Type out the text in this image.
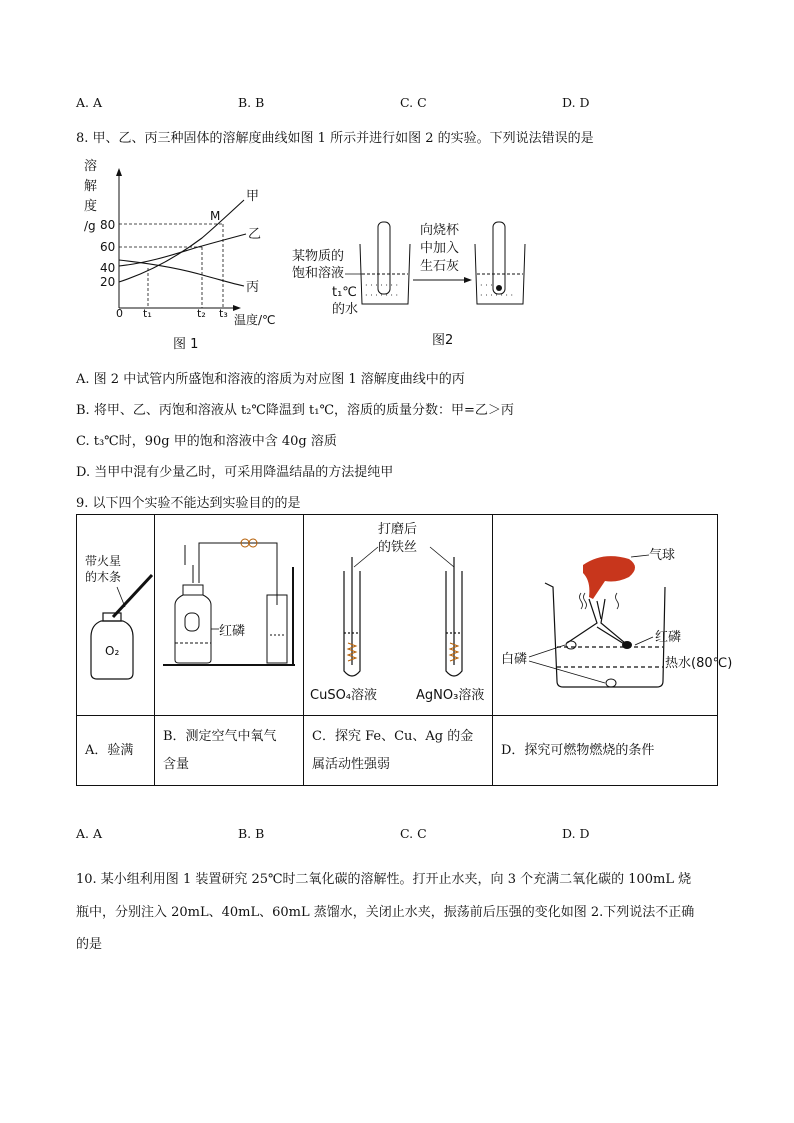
A. A	B. B	C. C	D. D
8. 甲、乙、丙三种固体的溶解度曲线如图 1 所示并进行如图 2 的实验。下列说法错误的是
溶
解
度
/g 80
60
40
20
甲
乙
丙
M
0 t₁	t₂ t₃ 温度/℃
图 1
某物质的
饱和溶液
t₁℃
的水
向烧杯
中加入
生石灰
· · · · · · ·
· · · · · · ·
· · ·
· · · · · · ·
图2
A. 图 2 中试管内所盛饱和溶液的溶质为对应图 1 溶解度曲线中的丙
B. 将甲、乙、丙饱和溶液从 t₂℃降温到 t₁℃，溶质的质量分数：甲=乙＞丙
C. t₃℃时，90g 甲的饱和溶液中含 40g 溶质
D. 当甲中混有少量乙时，可采用降温结晶的方法提纯甲
9. 以下四个实验不能达到实验目的的是
带火星
的木条
O₂	红磷	打磨后
的铁丝
CuSO₄溶液 AgNO₃溶液	气球
红磷
白磷 热水(80℃)

A．验满	B．测定空气中氧气
含量	C．探究 Fe、Cu、Ag 的金
属活动性强弱	D．探究可燃物燃烧的条件
A. A	B. B	C. C	D. D
10. 某小组利用图 1 装置研究 25℃时二氧化碳的溶解性。打开止水夹，向 3 个充满二氧化碳的 100mL 烧
瓶中，分别注入 20mL、40mL、60mL 蒸馏水，关闭止水夹，振荡前后压强的变化如图 2.下列说法不正确
的是
